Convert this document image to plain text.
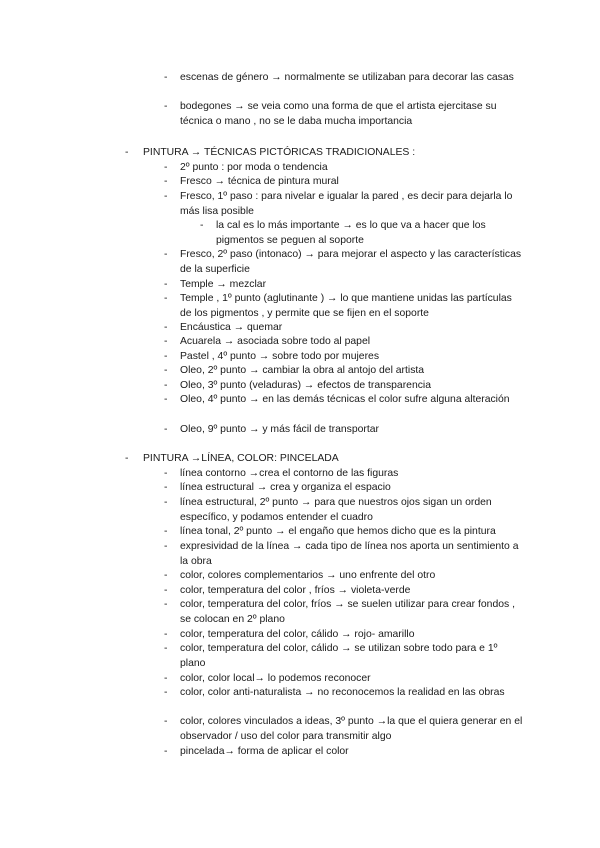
- escenas de género → normalmente se utilizaban para decorar las casas
- bodegones → se veia como una forma de que el artista ejercitase su técnica o mano , no se le daba mucha importancia
- PINTURA → TÉCNICAS PICTÓRICAS TRADICIONALES :
- 2º punto : por moda o tendencia
- Fresco → técnica de pintura mural
- Fresco, 1º paso : para nivelar e igualar la pared , es decir para dejarla lo más lisa posible
- la cal es lo más importante → es lo que va a hacer que los pigmentos se peguen al soporte
- Fresco, 2º paso (intonaco) → para mejorar el aspecto y las características de la superficie
- Temple → mezclar
- Temple , 1º punto (aglutinante ) → lo que mantiene unidas las partículas de los pigmentos , y permite que se fijen en el soporte
- Encáustica → quemar
- Acuarela → asociada sobre todo al papel
- Pastel , 4º punto → sobre todo por mujeres
- Oleo, 2º punto → cambiar la obra al antojo del artista
- Oleo, 3º punto (veladuras) → efectos de transparencia
- Oleo, 4º punto → en las demás técnicas el color sufre alguna alteración
- Oleo, 9º punto → y más fácil de transportar
- PINTURA →LÍNEA, COLOR: PINCELADA
- línea contorno →crea el contorno de las figuras
- línea estructural → crea y organiza el espacio
- línea estructural, 2º punto → para que nuestros ojos sigan un orden específico, y podamos entender el cuadro
- línea tonal, 2º punto → el engaño que hemos dicho que es la pintura
- expresividad de la línea → cada tipo de línea nos aporta un sentimiento a la obra
- color, colores complementarios → uno enfrente del otro
- color, temperatura del color , fríos → violeta-verde
- color, temperatura del color, fríos → se suelen utilizar para crear fondos , se colocan en 2º plano
- color, temperatura del color, cálido → rojo- amarillo
- color, temperatura del color, cálido → se utilizan sobre todo para e 1º plano
- color, color local→ lo podemos reconocer
- color, color anti-naturalista → no reconocemos la realidad en las obras
- color, colores vinculados a ideas, 3º punto →la que el quiera generar en el observador / uso del color para transmitir algo
- pincelada→ forma de aplicar el color
